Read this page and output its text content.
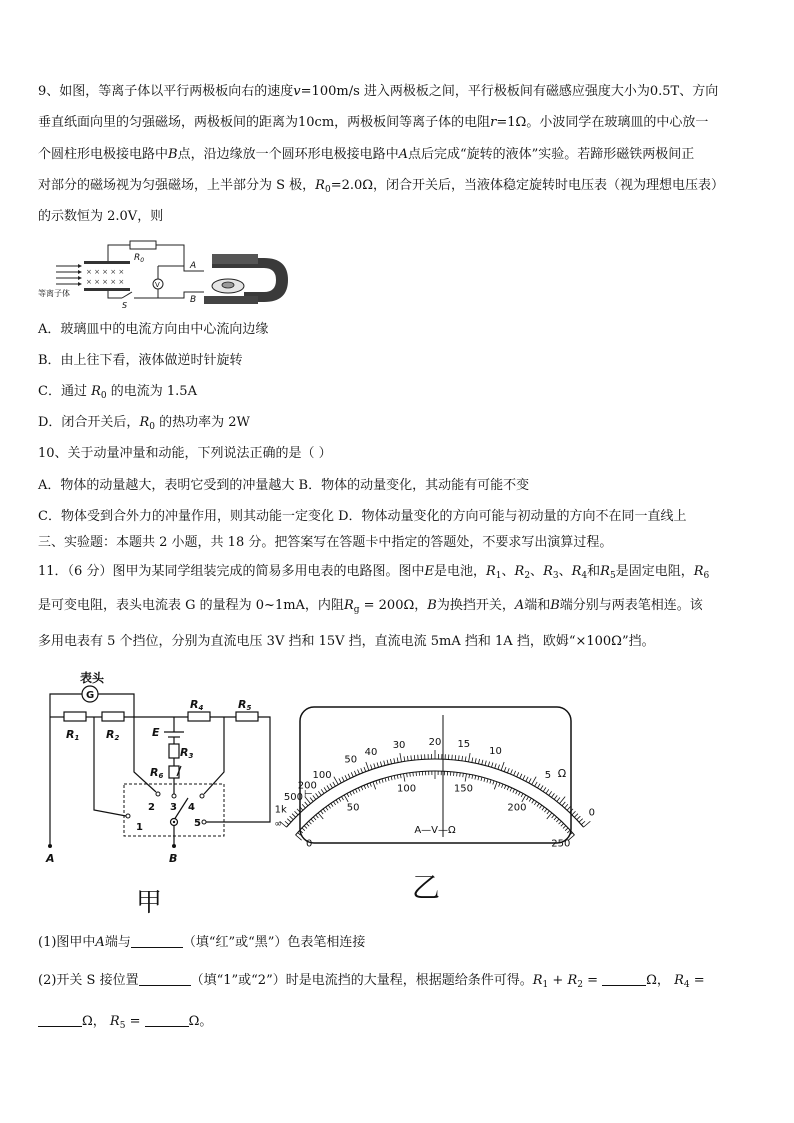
9、如图，等离子体以平行两极板向右的速度v=100m/s 进入两极板之间，平行极板间有磁感应强度大小为0.5T、方向
垂直纸面向里的匀强磁场，两极板间的距离为10cm，两极板间等离子体的电阻r=1Ω。小波同学在玻璃皿的中心放一
个圆柱形电极接电路中B点，沿边缘放一个圆环形电极接电路中A点后完成“旋转的液体”实验。若蹄形磁铁两极间正
对部分的磁场视为匀强磁场，上半部分为 S 极，$R_0=2.0\Omega$，闭合开关后，当液体稳定旋转时电压表（视为理想电压表）
的示数恒为 2.0V，则
× × × × ×
× × × × ×	V
$R_0$
A
B
S
等离子体
A．玻璃皿中的电流方向由中心流向边缘
B．由上往下看，液体做逆时针旋转
C．通过 $R_0$ 的电流为 1.5A
D．闭合开关后，$R_0$ 的热功率为 2W
10、关于动量冲量和动能，下列说法正确的是（ ）
A．物体的动量越大，表明它受到的冲量越大 B．物体的动量变化，其动能有可能不变
C．物体受到合外力的冲量作用，则其动能一定变化 D．物体动量变化的方向可能与初动量的方向不在同一直线上
三、实验题：本题共 2 小题，共 18 分。把答案写在答题卡中指定的答题处，不要求写出演算过程。
11．（6 分）图甲为某同学组装完成的简易多用电表的电路图。图中E是电池，$R_1$、$R_2$、$R_3$、$R_4$和$R_5$是固定电阻，$R_6$
是可变电阻，表头电流表 G 的量程为 0~1mA，内阻$R_g = 200\Omega$，B为换挡开关，A端和B端分别与两表笔相连。该
多用电表有 5 个挡位，分别为直流电压 3V 挡和 15V 挡，直流电流 5mA 挡和 1A 挡，欧姆“×100Ω”挡。
表头
G
R1 R2
R4	R5
E
R3
R6
1
2 3 4
5
A	B
1k
500
200
100
50
40
30 20 15
10
5
0
∞
0
50
100	150
200
250
⊢
Ω
A—V—Ω
甲	乙
(1)图甲中A端与	（填“红”或“黑”）色表笔相连接
(2)开关 S 接位置	（填“1”或“2”）时是电流挡的大量程，根据题给条件可得。$R_1 + R_2$ =	Ω， $R_4$ =
Ω， $R_5$ =	Ω。
